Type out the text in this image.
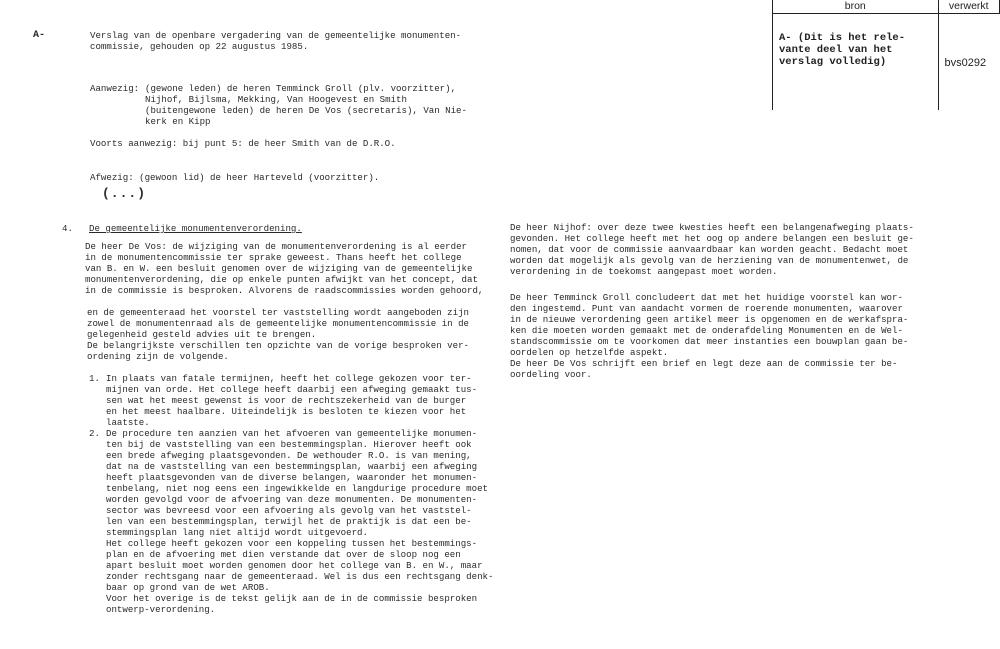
bron	verwerkt

A- (Dit is het rele-
vante deel van het
verslag volledig)	bvs0292
A-	Verslag van de openbare vergadering van de gemeentelijke monumenten-
commissie, gehouden op 22 augustus 1985.
Aanwezig: (gewone leden) de heren Temminck Groll (plv. voorzitter),
Nijhof, Bijlsma, Mekking, Van Hoogevest en Smith
(buitengewone leden) de heren De Vos (secretaris), Van Nie-
kerk en Kipp
Voorts aanwezig: bij punt 5: de heer Smith van de D.R.O.
Afwezig: (gewoon lid) de heer Harteveld (voorzitter).
(...)
4. De gemeentelijke monumentenverordening.
De heer De Vos: de wijziging van de monumentenverordening is al eerder
in de monumentencommissie ter sprake geweest. Thans heeft het college
van B. en W. een besluit genomen over de wijziging van de gemeentelijke
monumentenverordening, die op enkele punten afwijkt van het concept, dat
in de commissie is besproken. Alvorens de raadscommissies worden gehoord,
en de gemeenteraad het voorstel ter vaststelling wordt aangeboden zijn
zowel de monumentenraad als de gemeentelijke monumentencommissie in de
gelegenheid gesteld advies uit te brengen.
De belangrijkste verschillen ten opzichte van de vorige besproken ver-
ordening zijn de volgende.
1. In plaats van fatale termijnen, heeft het college gekozen voor ter-
mijnen van orde. Het college heeft daarbij een afweging gemaakt tus-
sen wat het meest gewenst is voor de rechtszekerheid van de burger
en het meest haalbare. Uiteindelijk is besloten te kiezen voor het
laatste.
2. De procedure ten aanzien van het afvoeren van gemeentelijke monumen-
ten bij de vaststelling van een bestemmingsplan. Hierover heeft ook
een brede afweging plaatsgevonden. De wethouder R.O. is van mening,
dat na de vaststelling van een bestemmingsplan, waarbij een afweging
heeft plaatsgevonden van de diverse belangen, waaronder het monumen-
tenbelang, niet nog eens een ingewikkelde en langdurige procedure moet
worden gevolgd voor de afvoering van deze monumenten. De monumenten-
sector was bevreesd voor een afvoering als gevolg van het vaststel-
len van een bestemmingsplan, terwijl het de praktijk is dat een be-
stemmingsplan lang niet altijd wordt uitgevoerd.
Het college heeft gekozen voor een koppeling tussen het bestemmings-
plan en de afvoering met dien verstande dat over de sloop nog een
apart besluit moet worden genomen door het college van B. en W., maar
zonder rechtsgang naar de gemeenteraad. Wel is dus een rechtsgang denk-
baar op grond van de wet AROB.
Voor het overige is de tekst gelijk aan de in de commissie besproken
ontwerp-verordening.
De heer Nijhof: over deze twee kwesties heeft een belangenafweging plaats-
gevonden. Het college heeft met het oog op andere belangen een besluit ge-
nomen, dat voor de commissie aanvaardbaar kan worden geacht. Bedacht moet
worden dat mogelijk als gevolg van de herziening van de monumentenwet, de
verordening in de toekomst aangepast moet worden.
De heer Temminck Groll concludeert dat met het huidige voorstel kan wor-
den ingestemd. Punt van aandacht vormen de roerende monumenten, waarover
in de nieuwe verordening geen artikel meer is opgenomen en de werkafspra-
ken die moeten worden gemaakt met de onderafdeling Monumenten en de Wel-
standscommissie om te voorkomen dat meer instanties een bouwplan gaan be-
oordelen op hetzelfde aspekt.
De heer De Vos schrijft een brief en legt deze aan de commissie ter be-
oordeling voor.
